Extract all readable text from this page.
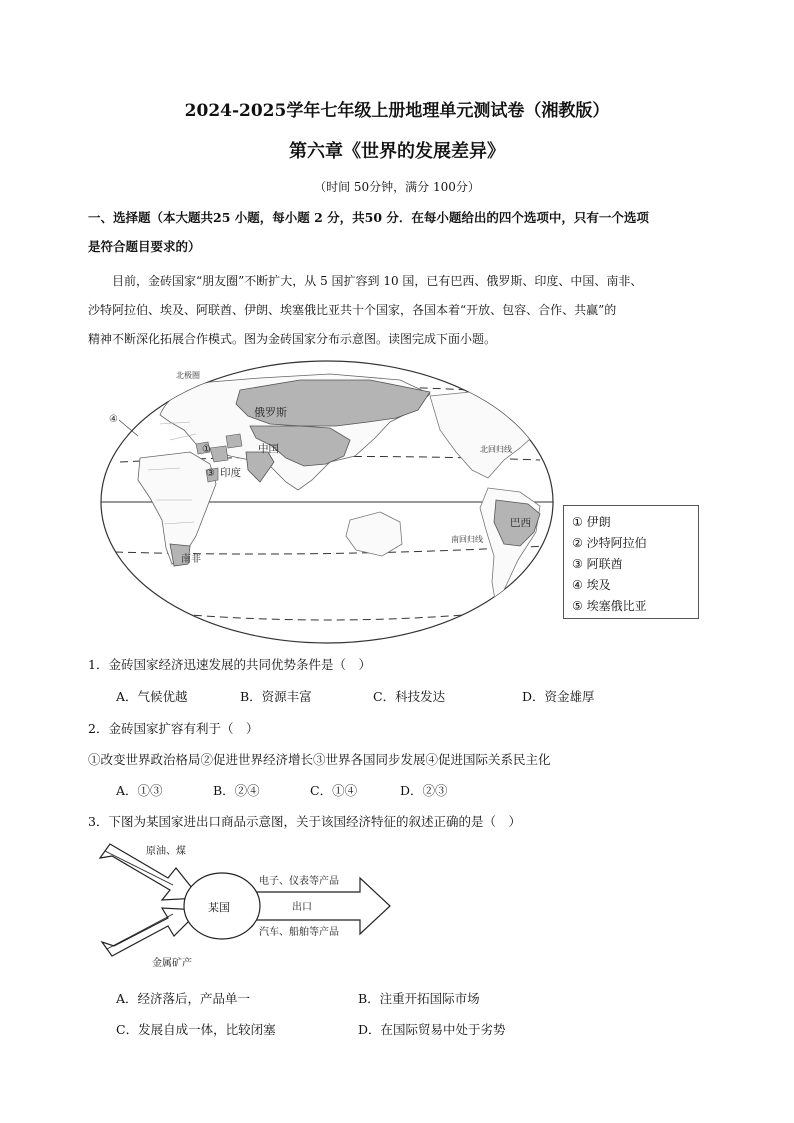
2024-2025学年七年级上册地理单元测试卷（湘教版）
第六章《世界的发展差异》
（时间 50分钟，满分 100分）
一、选择题（本大题共25 小题，每小题 2 分，共50 分．在每小题给出的四个选项中，只有一个选项
是符合题目要求的）
目前，金砖国家“朋友圈”不断扩大，从 5 国扩容到 10 国，已有巴西、俄罗斯、印度、中国、南非、
沙特阿拉伯、埃及、阿联酋、伊朗、埃塞俄比亚共十个国家，各国本着“开放、包容、合作、共赢”的
精神不断深化拓展合作模式。图为金砖国家分布示意图。读图完成下面小题。
北极圈
俄罗斯
中国
印度
③
①
④
北回归线
南回归线
巴西
南非
① 伊朗
② 沙特阿拉伯
③ 阿联酋
④ 埃及
⑤ 埃塞俄比亚
1．金砖国家经济迅速发展的共同优势条件是（　）
A．气候优越	B．资源丰富	C．科技发达	D．资金雄厚
2．金砖国家扩容有利于（　）
①改变世界政治格局②促进世界经济增长③世界各国同步发展④促进国际关系民主化
A．①③	B．②④	C．①④	D．②③
3．下图为某国家进出口商品示意图，关于该国经济特征的叙述正确的是（　）
某国
原油、煤
金属矿产
电子、仪表等产品
出口
汽车、船舶等产品
A．经济落后，产品单一	B．注重开拓国际市场
C．发展自成一体，比较闭塞	D．在国际贸易中处于劣势
